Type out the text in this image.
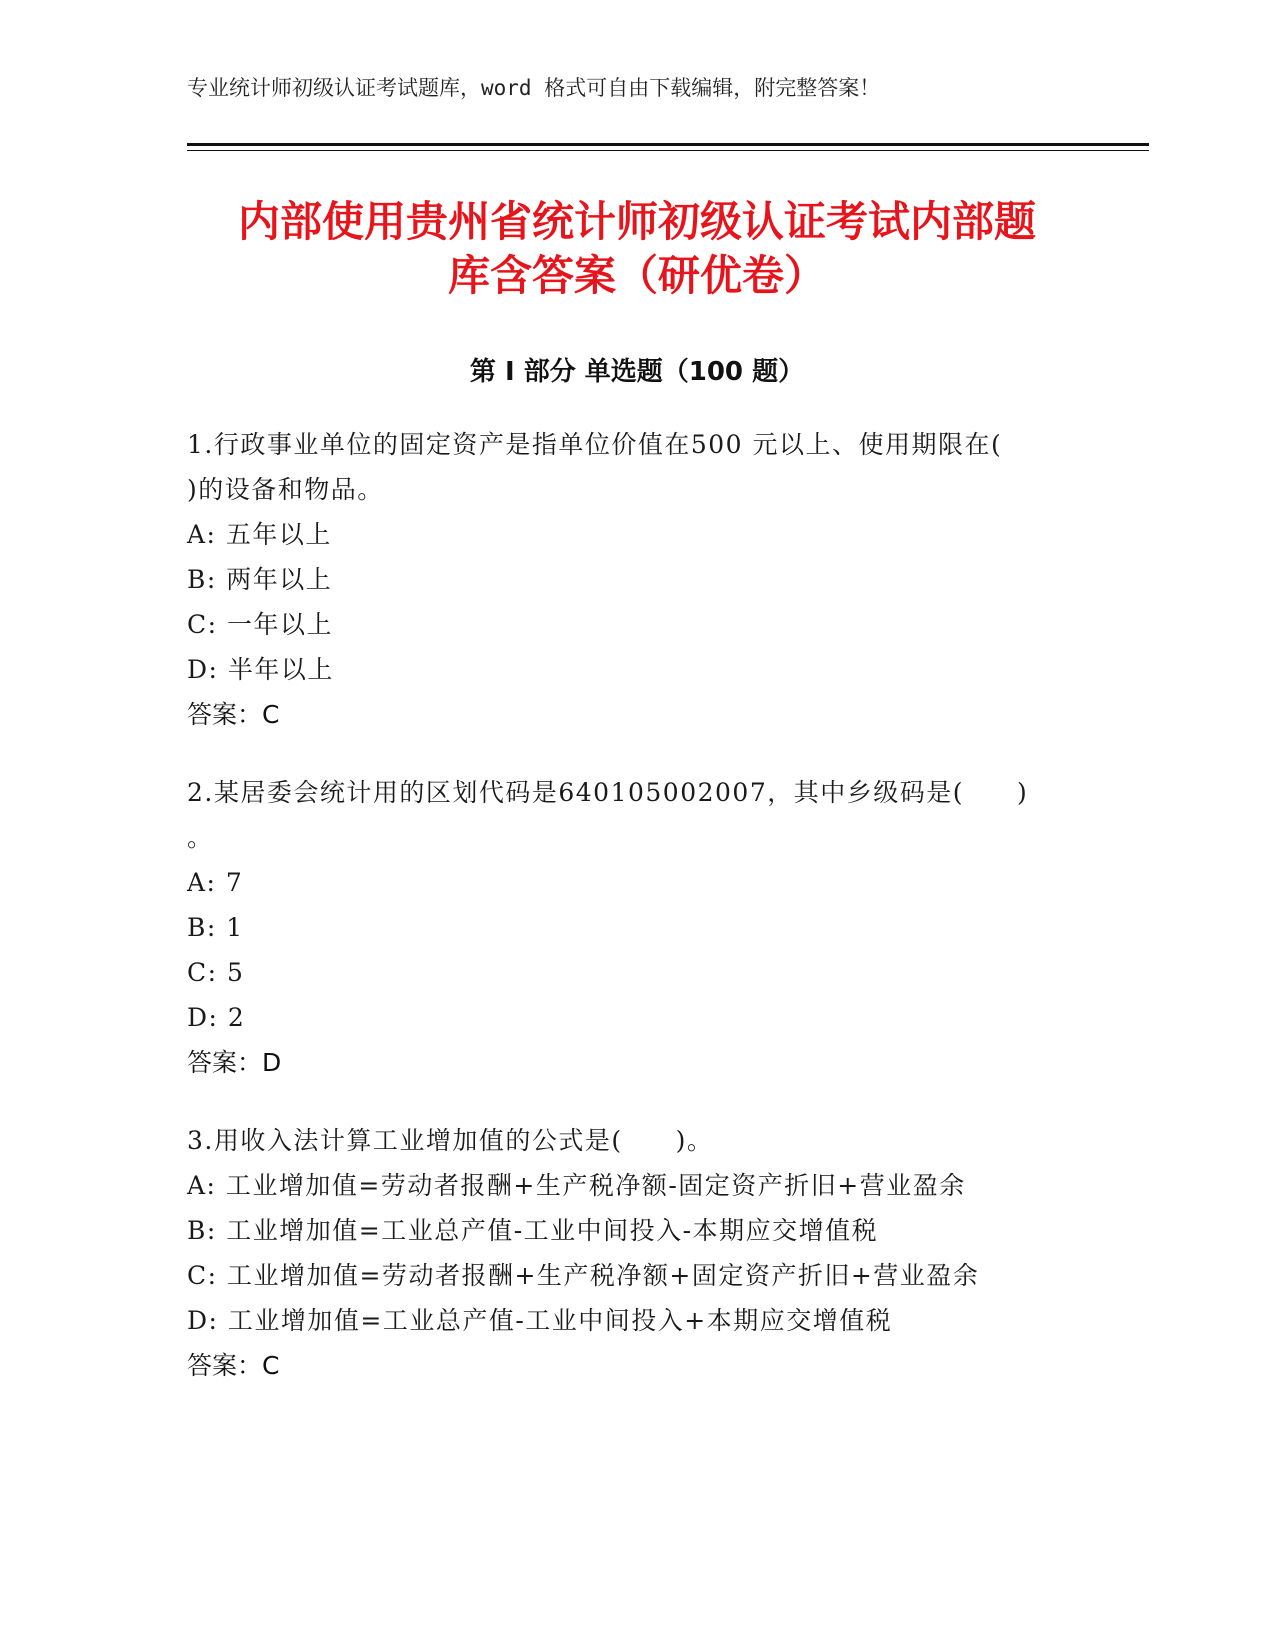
专业统计师初级认证考试题库，word 格式可自由下载编辑，附完整答案！
内部使用贵州省统计师初级认证考试内部题
库含答案（研优卷）
第 I 部分 单选题（100 题）

1.行政事业单位的固定资产是指单位价值在500 元以上、使用期限在(
)的设备和物品。

A: 五年以上

B: 两年以上

C: 一年以上

D: 半年以上

答案：C

2.某居委会统计用的区划代码是640105002007，其中乡级码是(　　)
。

A: 7

B: 1

C: 5

D: 2

答案：D

3.用收入法计算工业增加值的公式是(　　)。

A: 工业增加值=劳动者报酬+生产税净额-固定资产折旧+营业盈余

B: 工业增加值=工业总产值-工业中间投入-本期应交增值税

C: 工业增加值=劳动者报酬+生产税净额+固定资产折旧+营业盈余

D: 工业增加值=工业总产值-工业中间投入+本期应交增值税

答案：C
